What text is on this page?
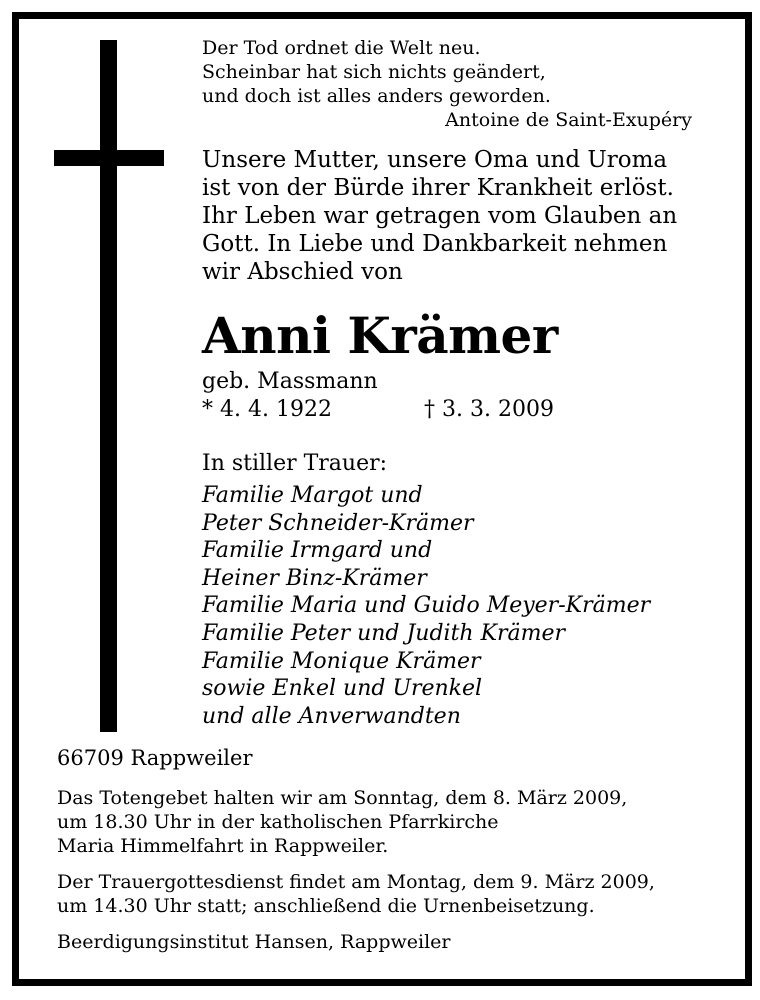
Der Tod ordnet die Welt neu.
Scheinbar hat sich nichts geändert,
und doch ist alles anders geworden.
Antoine de Saint-Exupéry
Unsere Mutter, unsere Oma und Uroma
ist von der Bürde ihrer Krankheit erlöst.
Ihr Leben war getragen vom Glauben an
Gott. In Liebe und Dankbarkeit nehmen
wir Abschied von
Anni Krämer
geb. Massmann
* 4. 4. 1922	† 3. 3. 2009
In stiller Trauer:
Familie Margot und
Peter Schneider-Krämer
Familie Irmgard und
Heiner Binz-Krämer
Familie Maria und Guido Meyer-Krämer
Familie Peter und Judith Krämer
Familie Monique Krämer
sowie Enkel und Urenkel
und alle Anverwandten
66709 Rappweiler
Das Totengebet halten wir am Sonntag, dem 8. März 2009,
um 18.30 Uhr in der katholischen Pfarrkirche
Maria Himmelfahrt in Rappweiler.
Der Trauergottesdienst findet am Montag, dem 9. März 2009,
um 14.30 Uhr statt; anschließend die Urnenbeisetzung.
Beerdigungsinstitut Hansen, Rappweiler
